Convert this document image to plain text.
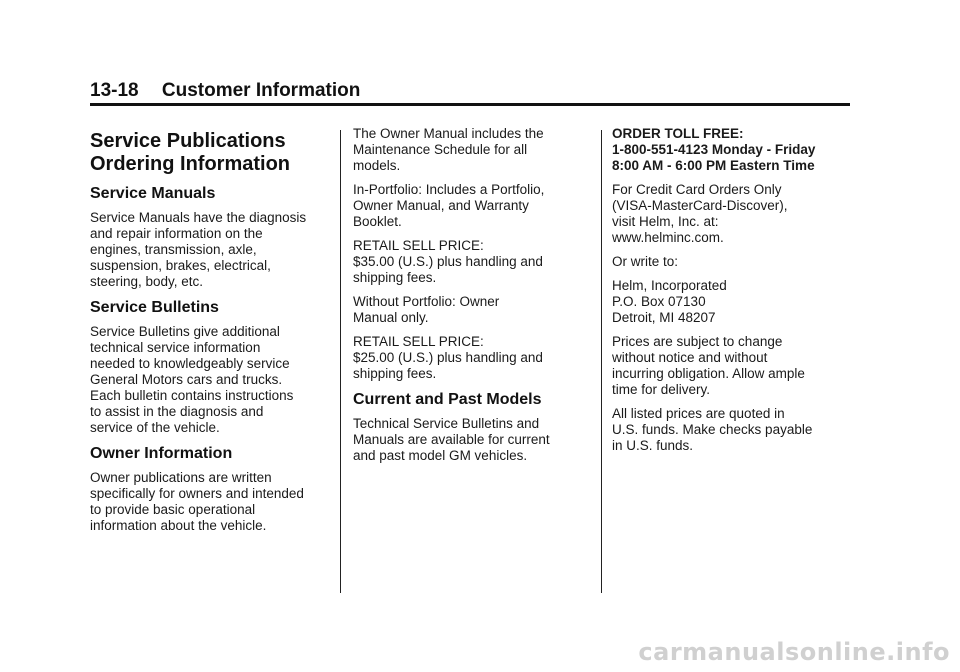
13-18 Customer Information
Service Publications
Ordering Information
Service Manuals

Service Manuals have the diagnosis
and repair information on the
engines, transmission, axle,
suspension, brakes, electrical,
steering, body, etc.

Service Bulletins

Service Bulletins give additional
technical service information
needed to knowledgeably service
General Motors cars and trucks.
Each bulletin contains instructions
to assist in the diagnosis and
service of the vehicle.

Owner Information

Owner publications are written
specifically for owners and intended
to provide basic operational
information about the vehicle.

The Owner Manual includes the
Maintenance Schedule for all
models.

In-Portfolio: Includes a Portfolio,
Owner Manual, and Warranty
Booklet.

RETAIL SELL PRICE:
$35.00 (U.S.) plus handling and
shipping fees.

Without Portfolio: Owner
Manual only.

RETAIL SELL PRICE:
$25.00 (U.S.) plus handling and
shipping fees.

Current and Past Models

Technical Service Bulletins and
Manuals are available for current
and past model GM vehicles.

ORDER TOLL FREE:
1-800-551-4123 Monday - Friday
8:00 AM - 6:00 PM Eastern Time

For Credit Card Orders Only
(VISA-MasterCard-Discover),
visit Helm, Inc. at:
www.helminc.com.

Or write to:

Helm, Incorporated
P.O. Box 07130
Detroit, MI 48207

Prices are subject to change
without notice and without
incurring obligation. Allow ample
time for delivery.

All listed prices are quoted in
U.S. funds. Make checks payable
in U.S. funds.

carmanualsonline.info
